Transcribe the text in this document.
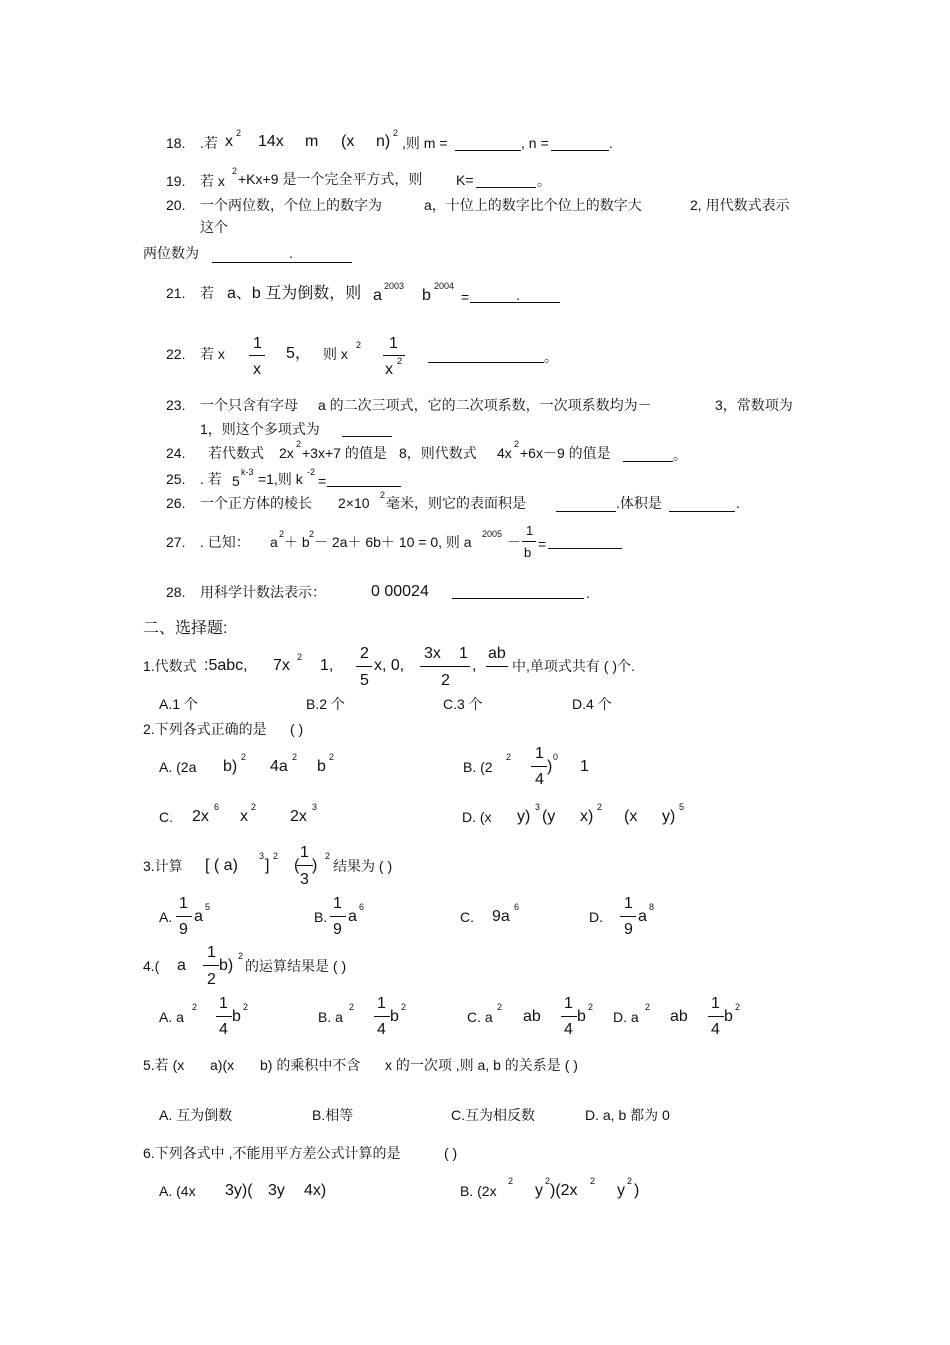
18. .若 x 2 14x m (x n) 2
,则 m =	, n =	.
19. 若 x
2 +Kx+9 是一个完全平方式，则 K=	。
20. 一个两位数，个位上的数字为	a，十位上的数字比个位上的数字大	2, 用代数式表示
这个
两位数为	.
21. 若 a、b 互为倒数，则 a
2003
b
2004
=	.
22. 若 x
1
x
5， 则 x
2 1
x 2	。
23. 一个只含有字母 a 的二次三项式，它的二次项系数，一次项系数均为－	3，常数项为
1，则这个多项式为
24. 若代数式 2x
2
+3x+7 的值是 8，则代数式 4x
2
+6x－9 的值是	。
25. . 若 5
k-3 =1,则 k -2
=
26. 一个正方体的棱长 2×10 2 毫米，则它的表面积是	.体积是	.
27. . 已知： a 2 ＋ b 2 － 2a＋ 6b＋ 10 = 0, 则 a 2005 －
1
b
=
28. 用科学计数法表示：	0 00024	.
二、选择题:
1.代数式 :5abc, 7x 2 1,
2
5
x, 0,
3x 1
2
,
ab
中,单项式共有 ( )个.
A.1 个	B.2 个	C.3 个	D.4 个
2.下列各式正确的是 ( )
A. (2a b)
2
4a
2
b
2
B. (2
2 1
4
)
0
1
C. 2x
6
x
2
2x
3
D. (x y)
3
(y x)
2
(x y)
5
3.计算 [ ( a)
3
]
2
(
1
3
)
2
结果为 ( )
A.
1
9
a
5
B.
1
9
a
6
C. 9a
6
D.
1
9
a
8
4.( a
1
2
b)
2
的运算结果是 ( )
A. a
2 1
4
b
2
B. a
2 1
4
b
2
C. a
2
ab
1
4
b
2
D. a
2
ab
1
4
b
2
5.若 (x a)(x b) 的乘积中不含 x 的一次项 ,则 a, b 的关系是 ( )
A. 互为倒数	B.相等	C.互为相反数	D. a, b 都为 0
6.下列各式中 ,不能用平方差公式计算的是	( )
A. (4x 3y)( 3y 4x)	B. (2x
2
y
2
)(2x
2
y
2
)
